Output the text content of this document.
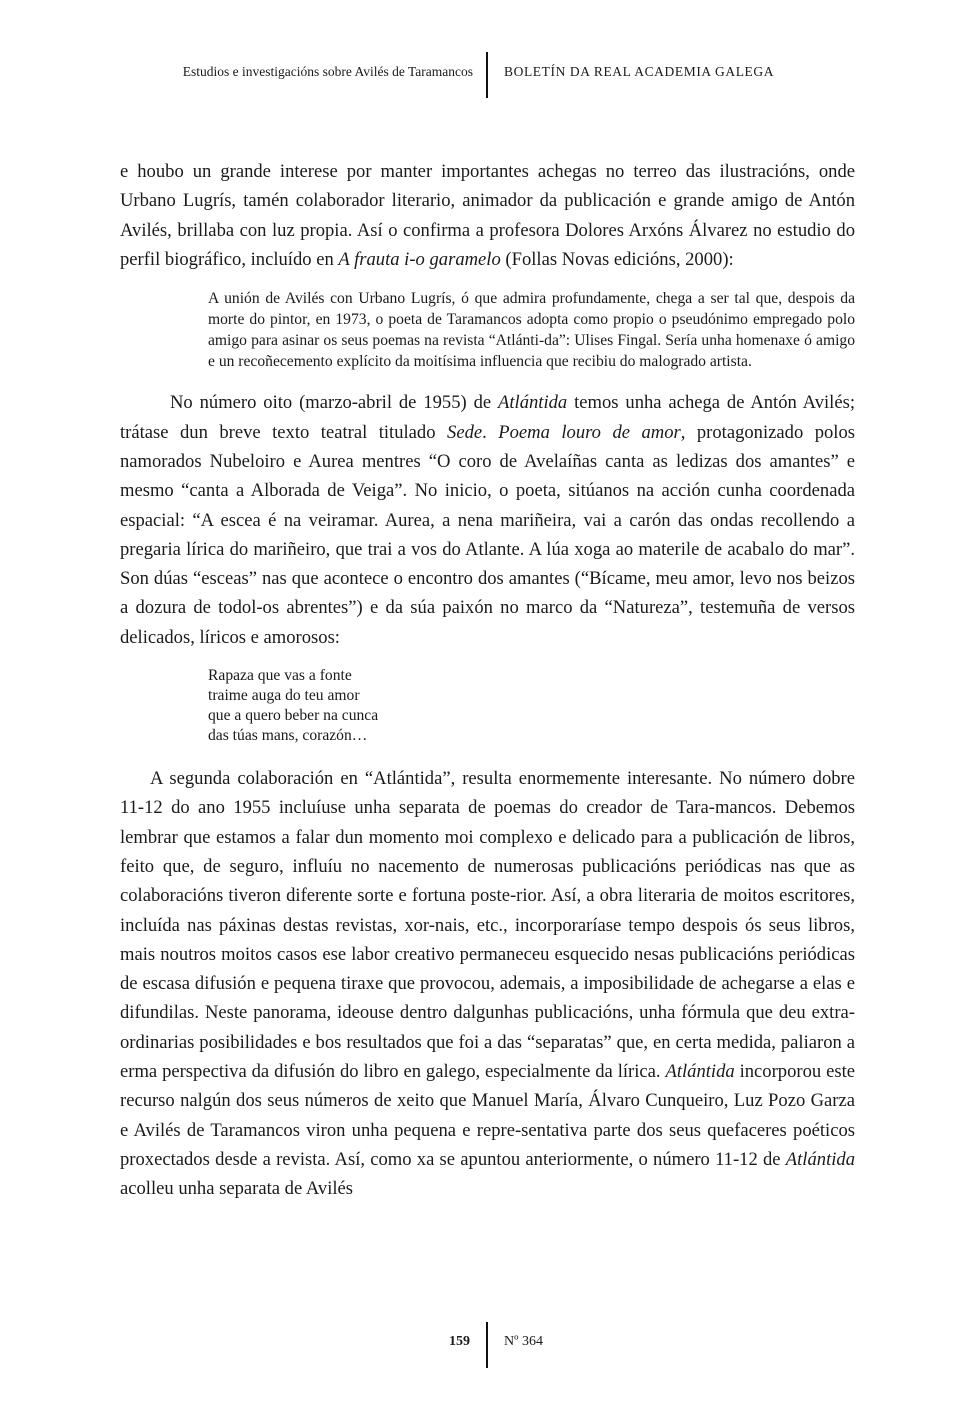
Estudios e investigacións sobre Avilés de Taramancos BOLETÍN DA REAL ACADEMIA GALEGA

e houbo un grande interese por manter importantes achegas no terreo das ilustracións, onde Urbano Lugrís, tamén colaborador literario, animador da publicación e grande amigo de Antón Avilés, brillaba con luz propia. Así o confirma a profesora Dolores Arxóns Álvarez no estudio do perfil biográfico, incluído en A frauta i-o garamelo (Follas Novas edicións, 2000):

A unión de Avilés con Urbano Lugrís, ó que admira profundamente, chega a ser tal que, despois da morte do pintor, en 1973, o poeta de Taramancos adopta como propio o pseudónimo empregado polo amigo para asinar os seus poemas na revista “Atlánti-da”: Ulises Fingal. Sería unha homenaxe ó amigo e un recoñecemento explícito da moitísima influencia que recibiu do malogrado artista.

No número oito (marzo-abril de 1955) de Atlántida temos unha achega de Antón Avilés; trátase dun breve texto teatral titulado Sede. Poema louro de amor, protagonizado polos namorados Nubeloiro e Aurea mentres “O coro de Avelaíñas canta as ledizas dos amantes” e mesmo “canta a Alborada de Veiga”. No inicio, o poeta, sitúanos na acción cunha coordenada espacial: “A escea é na veiramar. Aurea, a nena mariñeira, vai a carón das ondas recollendo a pregaria lírica do mariñeiro, que trai a vos do Atlante. A lúa xoga ao materile de acabalo do mar”. Son dúas “esceas” nas que acontece o encontro dos amantes (“Bícame, meu amor, levo nos beizos a dozura de todol-os abrentes”) e da súa paixón no marco da “Natureza”, testemuña de versos delicados, líricos e amorosos:

Rapaza que vas a fonte
traime auga do teu amor
que a quero beber na cunca
das túas mans, corazón…

A segunda colaboración en “Atlántida”, resulta enormemente interesante. No número dobre 11-12 do ano 1955 incluíuse unha separata de poemas do creador de Tara-mancos. Debemos lembrar que estamos a falar dun momento moi complexo e delicado para a publicación de libros, feito que, de seguro, influíu no nacemento de numerosas publicacións periódicas nas que as colaboracións tiveron diferente sorte e fortuna poste-rior. Así, a obra literaria de moitos escritores, incluída nas páxinas destas revistas, xor-nais, etc., incorporaríase tempo despois ós seus libros, mais noutros moitos casos ese labor creativo permaneceu esquecido nesas publicacións periódicas de escasa difusión e pequena tiraxe que provocou, ademais, a imposibilidade de achegarse a elas e difundilas. Neste panorama, ideouse dentro dalgunhas publicacións, unha fórmula que deu extra-ordinarias posibilidades e bos resultados que foi a das “separatas” que, en certa medida, paliaron a erma perspectiva da difusión do libro en galego, especialmente da lírica. Atlántida incorporou este recurso nalgún dos seus números de xeito que Manuel María, Álvaro Cunqueiro, Luz Pozo Garza e Avilés de Taramancos viron unha pequena e repre-sentativa parte dos seus quefaceres poéticos proxectados desde a revista. Así, como xa se apuntou anteriormente, o número 11-12 de Atlántida acolleu unha separata de Avilés

159 Nº 364
